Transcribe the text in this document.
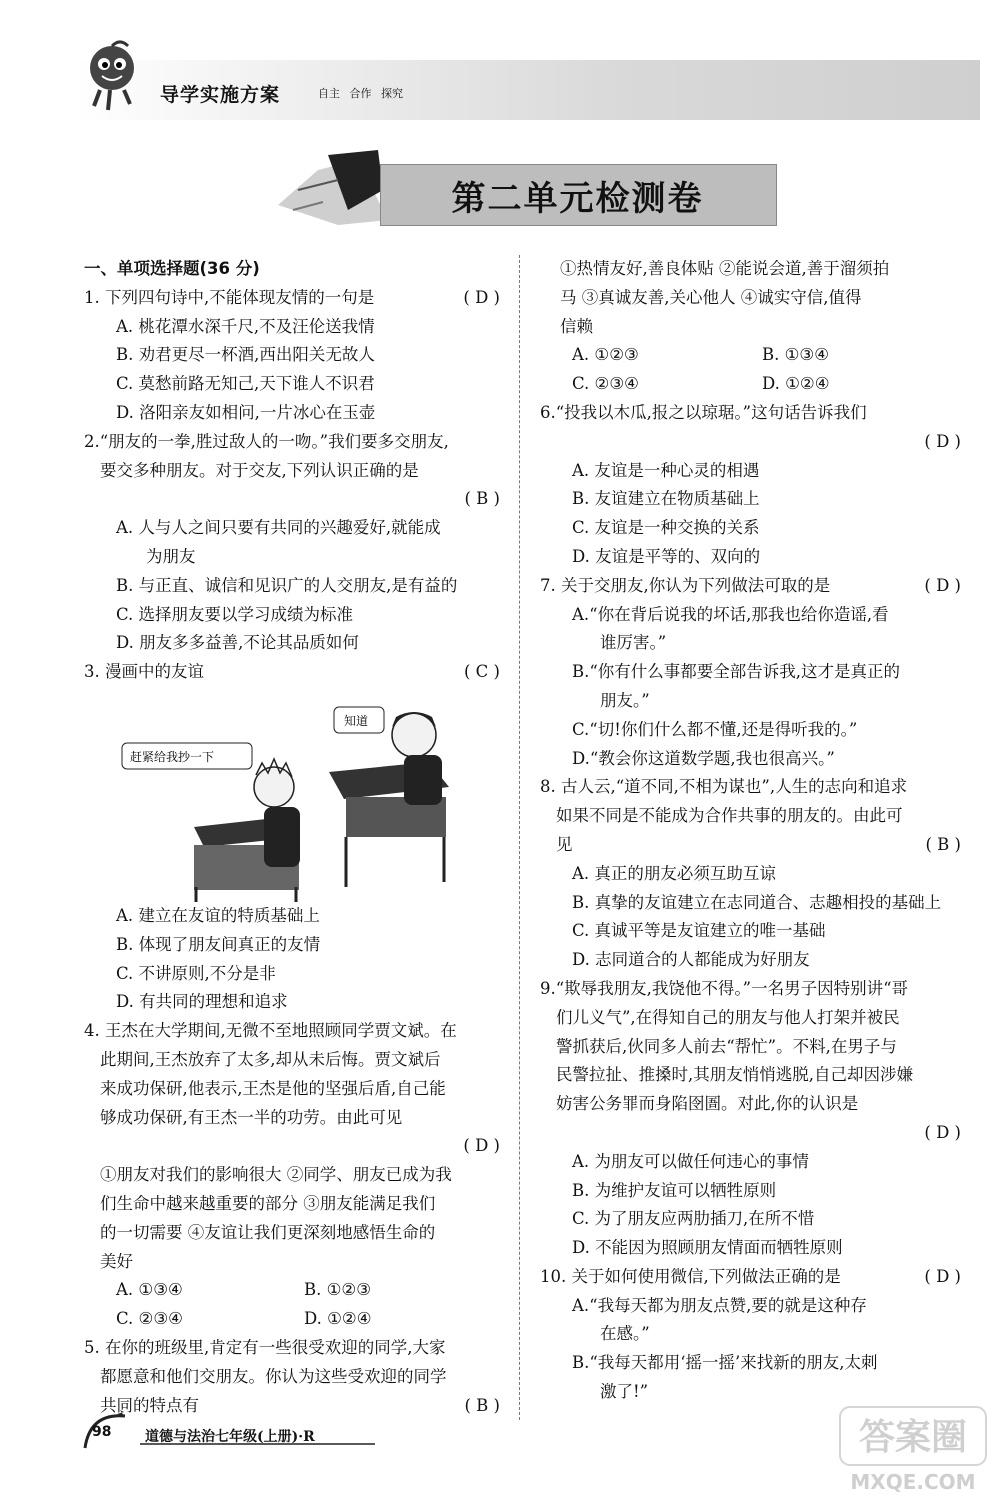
导学实施方案	自主 合作 探究
第二单元检测卷
一、单项选择题(36 分)
1. 下列四句诗中,不能体现友情的一句是	( D )
A. 桃花潭水深千尺,不及汪伦送我情
B. 劝君更尽一杯酒,西出阳关无故人
C. 莫愁前路无知己,天下谁人不识君
D. 洛阳亲友如相问,一片冰心在玉壶
2.“朋友的一拳,胜过敌人的一吻。”我们要多交朋友,
要交多种朋友。对于交友,下列认识正确的是
( B )
A. 人与人之间只要有共同的兴趣爱好,就能成
为朋友
B. 与正直、诚信和见识广的人交朋友,是有益的
C. 选择朋友要以学习成绩为标准
D. 朋友多多益善,不论其品质如何
3. 漫画中的友谊	( C )
知道
赶紧给我抄一下
A. 建立在友谊的特质基础上
B. 体现了朋友间真正的友情
C. 不讲原则,不分是非
D. 有共同的理想和追求
4. 王杰在大学期间,无微不至地照顾同学贾文斌。在
此期间,王杰放弃了太多,却从未后悔。贾文斌后
来成功保研,他表示,王杰是他的坚强后盾,自己能
够成功保研,有王杰一半的功劳。由此可见
( D )
①朋友对我们的影响很大 ②同学、朋友已成为我
们生命中越来越重要的部分 ③朋友能满足我们
的一切需要 ④友谊让我们更深刻地感悟生命的
美好
A. ①③④	B. ①②③
C. ②③④	D. ①②④
5. 在你的班级里,肯定有一些很受欢迎的同学,大家
都愿意和他们交朋友。你认为这些受欢迎的同学
共同的特点有	( B )
①热情友好,善良体贴 ②能说会道,善于溜须拍
马 ③真诚友善,关心他人 ④诚实守信,值得
信赖
A. ①②③	B. ①③④
C. ②③④	D. ①②④
6.“投我以木瓜,报之以琼琚。”这句话告诉我们
( D )
A. 友谊是一种心灵的相遇
B. 友谊建立在物质基础上
C. 友谊是一种交换的关系
D. 友谊是平等的、双向的
7. 关于交朋友,你认为下列做法可取的是	( D )
A.“你在背后说我的坏话,那我也给你造谣,看
谁厉害。”
B.“你有什么事都要全部告诉我,这才是真正的
朋友。”
C.“切!你们什么都不懂,还是得听我的。”
D.“教会你这道数学题,我也很高兴。”
8. 古人云,“道不同,不相为谋也”,人生的志向和追求
如果不同是不能成为合作共事的朋友的。由此可
见	( B )
A. 真正的朋友必须互助互谅
B. 真挚的友谊建立在志同道合、志趣相投的基础上
C. 真诚平等是友谊建立的唯一基础
D. 志同道合的人都能成为好朋友
9.“欺辱我朋友,我饶他不得。”一名男子因特别讲“哥
们儿义气”,在得知自己的朋友与他人打架并被民
警抓获后,伙同多人前去“帮忙”。不料,在男子与
民警拉扯、推搡时,其朋友悄悄逃脱,自己却因涉嫌
妨害公务罪而身陷囹圄。对此,你的认识是
( D )
A. 为朋友可以做任何违心的事情
B. 为维护友谊可以牺牲原则
C. 为了朋友应两肋插刀,在所不惜
D. 不能因为照顾朋友情面而牺牲原则
10. 关于如何使用微信,下列做法正确的是	( D )
A.“我每天都为朋友点赞,要的就是这种存
在感。”
B.“我每天都用‘摇一摇’来找新的朋友,太刺
激了!”
98 道德与法治七年级(上册)·R	答案圈
MXQE.COM
